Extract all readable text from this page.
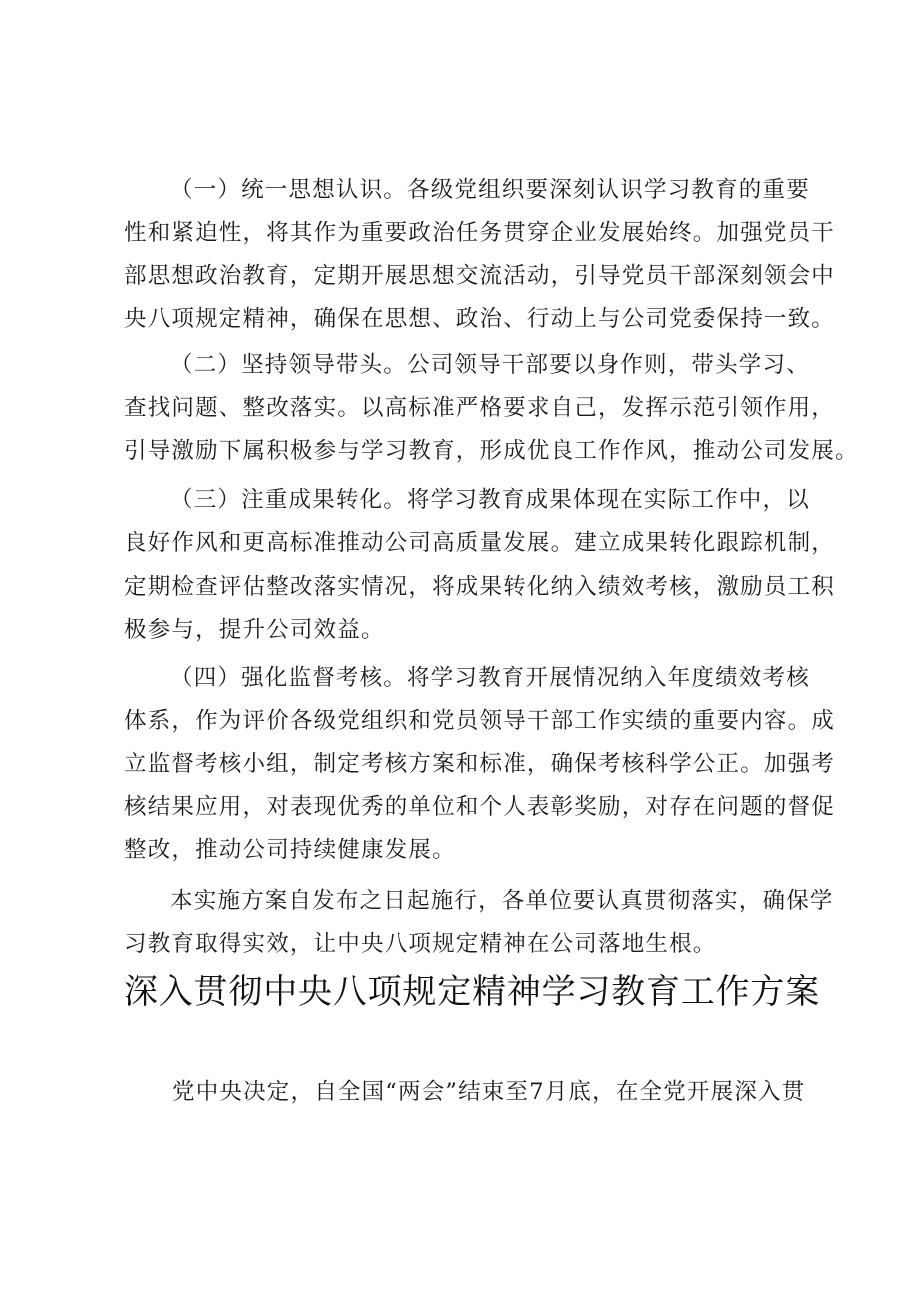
（一）统一思想认识。各级党组织要深刻认识学习教育的重要
性和紧迫性，将其作为重要政治任务贯穿企业发展始终。加强党员干
部思想政治教育，定期开展思想交流活动，引导党员干部深刻领会中
央八项规定精神，确保在思想、政治、行动上与公司党委保持一致。
（二）坚持领导带头。公司领导干部要以身作则，带头学习、
查找问题、整改落实。以高标准严格要求自己，发挥示范引领作用，
引导激励下属积极参与学习教育，形成优良工作作风，推动公司发展。
（三）注重成果转化。将学习教育成果体现在实际工作中，以
良好作风和更高标准推动公司高质量发展。建立成果转化跟踪机制，
定期检查评估整改落实情况，将成果转化纳入绩效考核，激励员工积
极参与，提升公司效益。
（四）强化监督考核。将学习教育开展情况纳入年度绩效考核
体系，作为评价各级党组织和党员领导干部工作实绩的重要内容。成
立监督考核小组，制定考核方案和标准，确保考核科学公正。加强考
核结果应用，对表现优秀的单位和个人表彰奖励，对存在问题的督促
整改，推动公司持续健康发展。
本实施方案自发布之日起施行，各单位要认真贯彻落实，确保学
习教育取得实效，让中央八项规定精神在公司落地生根。
深入贯彻中央八项规定精神学习教育工作方案
党中央决定，自全国“两会”结束至7月底，在全党开展深入贯
